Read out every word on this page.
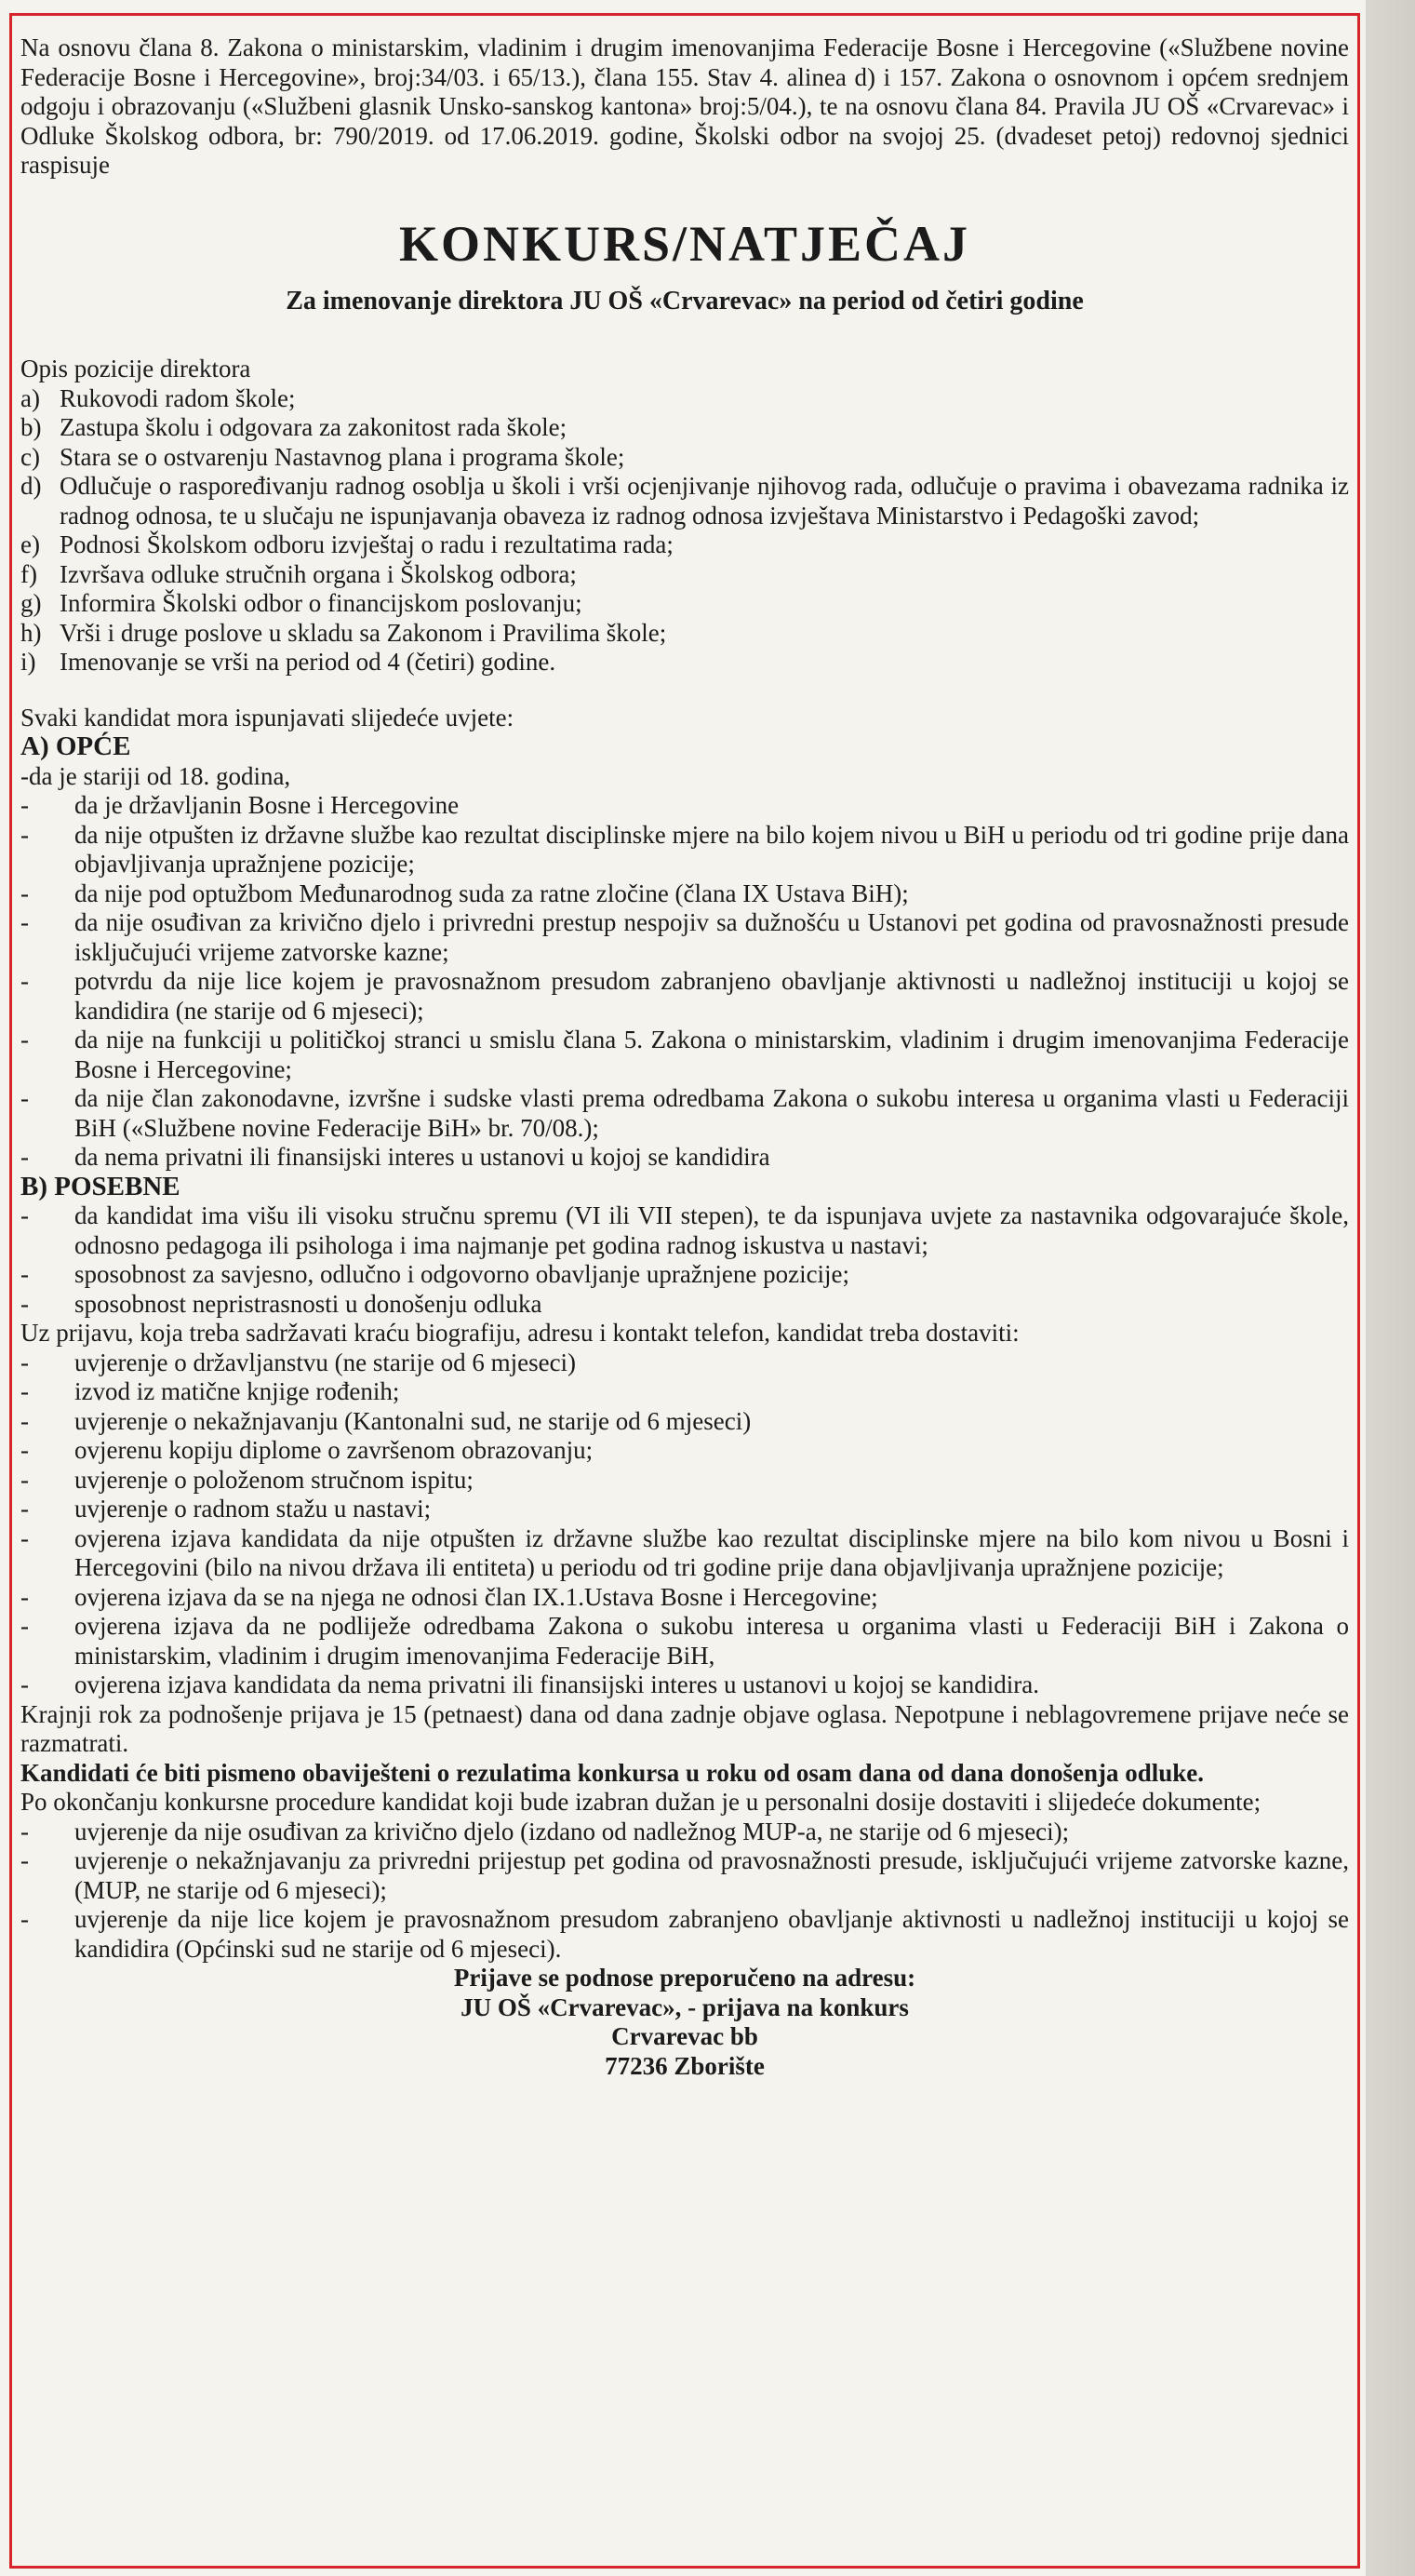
Na osnovu člana 8. Zakona o ministarskim, vladinim i drugim imenovanjima Federacije Bosne i Hercegovine («Službene novine Federacije Bosne i Hercegovine», broj:34/03. i 65/13.), člana 155. Stav 4. alinea d) i 157. Zakona o osnovnom i općem srednjem odgoju i obrazovanju («Službeni glasnik Unsko-sanskog kantona» broj:5/04.), te na osnovu člana 84. Pravila JU OŠ «Crvarevac» i Odluke Školskog odbora, br: 790/2019. od 17.06.2019. godine, Školski odbor na svojoj 25. (dvadeset petoj) redovnoj sjednici raspisuje

KONKURS/NATJEČAJ
Za imenovanje direktora JU OŠ «Crvarevac» na period od četiri godine

Opis pozicije direktora

a) Rukovodi radom škole;
b) Zastupa školu i odgovara za zakonitost rada škole;
c) Stara se o ostvarenju Nastavnog plana i programa škole;
d) Odlučuje o raspoređivanju radnog osoblja u školi i vrši ocjenjivanje njihovog rada, odlučuje o pravima i obavezama radnika iz radnog odnosa, te u slučaju ne ispunjavanja obaveza iz radnog odnosa izvještava Ministarstvo i Pedagoški zavod;
e) Podnosi Školskom odboru izvještaj o radu i rezultatima rada;
f) Izvršava odluke stručnih organa i Školskog odbora;
g) Informira Školski odbor o financijskom poslovanju;
h) Vrši i druge poslove u skladu sa Zakonom i Pravilima škole;
i) Imenovanje se vrši na period od 4 (četiri) godine.

Svaki kandidat mora ispunjavati slijedeće uvjete:

A) OPĆE

-da je stariji od 18. godina,

-	da je državljanin Bosne i Hercegovine
-	da nije otpušten iz državne službe kao rezultat disciplinske mjere na bilo kojem nivou u BiH u periodu od tri godine prije dana objavljivanja upražnjene pozicije;
-	da nije pod optužbom Međunarodnog suda za ratne zločine (člana IX Ustava BiH);
-	da nije osuđivan za krivično djelo i privredni prestup nespojiv sa dužnošću u Ustanovi pet godina od pravosnažnosti presude isključujući vrijeme zatvorske kazne;
-	potvrdu da nije lice kojem je pravosnažnom presudom zabranjeno obavljanje aktivnosti u nadležnoj instituciji u kojoj se kandidira (ne starije od 6 mjeseci);
-	da nije na funkciji u političkoj stranci u smislu člana 5. Zakona o ministarskim, vladinim i drugim imenovanjima Federacije Bosne i Hercegovine;
-	da nije član zakonodavne, izvršne i sudske vlasti prema odredbama Zakona o sukobu interesa u organima vlasti u Federaciji BiH («Službene novine Federacije BiH» br. 70/08.);
-	da nema privatni ili finansijski interes u ustanovi u kojoj se kandidira

B) POSEBNE

-	da kandidat ima višu ili visoku stručnu spremu (VI ili VII stepen), te da ispunjava uvjete za nastavnika odgovarajuće škole, odnosno pedagoga ili psihologa i ima najmanje pet godina radnog iskustva u nastavi;
-	sposobnost za savjesno, odlučno i odgovorno obavljanje upražnjene pozicije;
-	sposobnost nepristrasnosti u donošenju odluka

Uz prijavu, koja treba sadržavati kraću biografiju, adresu i kontakt telefon, kandidat treba dostaviti:

-	uvjerenje o državljanstvu (ne starije od 6 mjeseci)
-	izvod iz matične knjige rođenih;
-	uvjerenje o nekažnjavanju (Kantonalni sud, ne starije od 6 mjeseci)
-	ovjerenu kopiju diplome o završenom obrazovanju;
-	uvjerenje o položenom stručnom ispitu;
-	uvjerenje o radnom stažu u nastavi;
-	ovjerena izjava kandidata da nije otpušten iz državne službe kao rezultat disciplinske mjere na bilo kom nivou u Bosni i Hercegovini (bilo na nivou država ili entiteta) u periodu od tri godine prije dana objavljivanja upražnjene pozicije;
-	ovjerena izjava da se na njega ne odnosi član IX.1.Ustava Bosne i Hercegovine;
-	ovjerena izjava da ne podliježe odredbama Zakona o sukobu interesa u organima vlasti u Federaciji BiH i Zakona o ministarskim, vladinim i drugim imenovanjima Federacije BiH,
-	ovjerena izjava kandidata da nema privatni ili finansijski interes u ustanovi u kojoj se kandidira.

Krajnji rok za podnošenje prijava je 15 (petnaest) dana od dana zadnje objave oglasa. Nepotpune i neblagovremene prijave neće se razmatrati.

Kandidati će biti pismeno obaviješteni o rezulatima konkursa u roku od osam dana od dana donošenja odluke.

Po okončanju konkursne procedure kandidat koji bude izabran dužan je u personalni dosije dostaviti i slijedeće dokumente;

-	uvjerenje da nije osuđivan za krivično djelo (izdano od nadležnog MUP-a, ne starije od 6 mjeseci);
-	uvjerenje o nekažnjavanju za privredni prijestup pet godina od pravosnažnosti presude, isključujući vrijeme zatvorske kazne, (MUP, ne starije od 6 mjeseci);
-	uvjerenje da nije lice kojem je pravosnažnom presudom zabranjeno obavljanje aktivnosti u nadležnoj instituciji u kojoj se kandidira (Općinski sud ne starije od 6 mjeseci).

Prijave se podnose preporučeno na adresu:

JU OŠ «Crvarevac», - prijava na konkurs

Crvarevac bb

77236 Zborište
